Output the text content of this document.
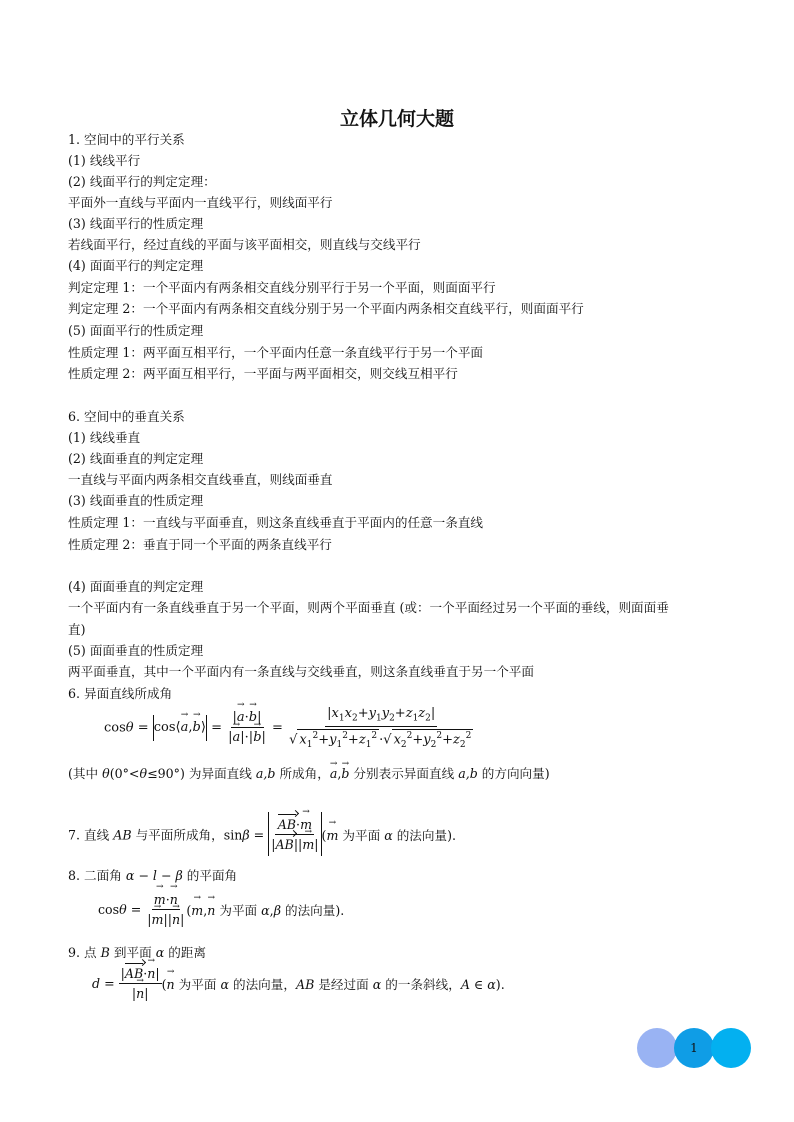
立体几何大题
1. 空间中的平行关系
(1) 线线平行
(2) 线面平行的判定定理：
平面外一直线与平面内一直线平行，则线面平行
(3) 线面平行的性质定理
若线面平行，经过直线的平面与该平面相交，则直线与交线平行
(4) 面面平行的判定定理
判定定理 1：一个平面内有两条相交直线分别平行于另一个平面，则面面平行
判定定理 2：一个平面内有两条相交直线分别于另一个平面内两条相交直线平行，则面面平行
(5) 面面平行的性质定理
性质定理 1：两平面互相平行，一个平面内任意一条直线平行于另一个平面
性质定理 2：两平面互相平行，一平面与两平面相交，则交线互相平行
6. 空间中的垂直关系
(1) 线线垂直
(2) 线面垂直的判定定理
一直线与平面内两条相交直线垂直，则线面垂直
(3) 线面垂直的性质定理
性质定理 1：一直线与平面垂直，则这条直线垂直于平面内的任意一条直线
性质定理 2：垂直于同一个平面的两条直线平行
(4) 面面垂直的判定定理
一个平面内有一条直线垂直于另一个平面，则两个平面垂直 (或：一个平面经过另一个平面的垂线，则面面垂
直)
(5) 面面垂直的性质定理
两平面垂直，其中一个平面内有一条直线与交线垂直，则这条直线垂直于另一个平面
6. 异面直线所成角
cosθ = cos⟨→ a,→ b⟩ = $\frac{|\to a\cdot\to b|}{|\to a|\cdot|\to b|} = \frac{|x_1x_2+y_1y_2+z_1z_2|}{√ x_1^2+y_1^2+z_1^2 \cdot√ x_2^2+y_2^2+z_2^2}$
(其中 θ(0°<θ≤90°) 为异面直线 a,b 所成角，→ a,→ b 分别表示异面直线 a,b 的方向向量)
7. 直线 AB 与平面所成角，$\sin\beta = \frac{AB\cdot\to m}{|AB||\to m|}$ (→ m 为平面 α 的法向量).
8. 二面角 α − l − β 的平面角
cosθ =
→ $\frac{m\cdot\to n}{|\to m||\to n|}$ (→ m,→ n 为平面 α,β 的法向量).
9. 点 B 到平面 α 的距离
$d = \frac{|AB\cdot\to n|}{|\to n|}$ (→ n 为平面 α 的法向量，AB 是经过面 α 的一条斜线，A ∈ α).
1
